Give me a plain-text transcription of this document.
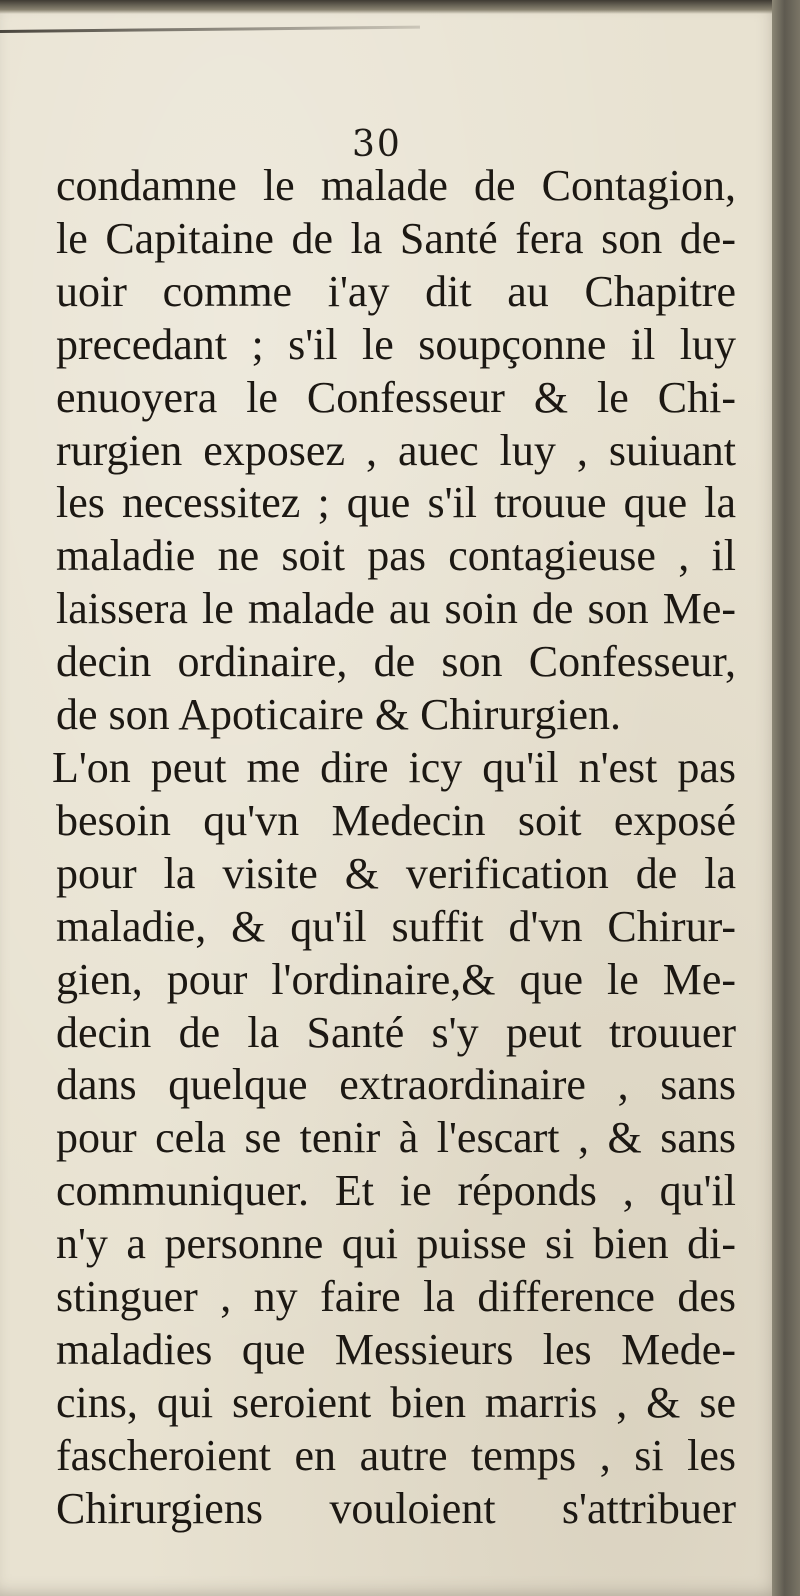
30
condamne le malade de Contagion,
le Capitaine de la Santé fera son de-
uoir comme i'ay dit au Chapitre
precedant ; s'il le soupçonne il luy
enuoyera le Confesseur & le Chi-
rurgien exposez , auec luy , suiuant
les necessitez ; que s'il trouue que la
maladie ne soit pas contagieuse , il
laissera le malade au soin de son Me-
decin ordinaire, de son Confesseur,
de son Apoticaire & Chirurgien.
L'on peut me dire icy qu'il n'est pas
besoin qu'vn Medecin soit exposé
pour la visite & verification de la
maladie, & qu'il suffit d'vn Chirur-
gien, pour l'ordinaire,& que le Me-
decin de la Santé s'y peut trouuer
dans quelque extraordinaire , sans
pour cela se tenir à l'escart , & sans
communiquer. Et ie réponds , qu'il
n'y a personne qui puisse si bien di-
stinguer , ny faire la difference des
maladies que Messieurs les Mede-
cins, qui seroient bien marris , & se
fascheroient en autre temps , si les
Chirurgiens vouloient s'attribuer
